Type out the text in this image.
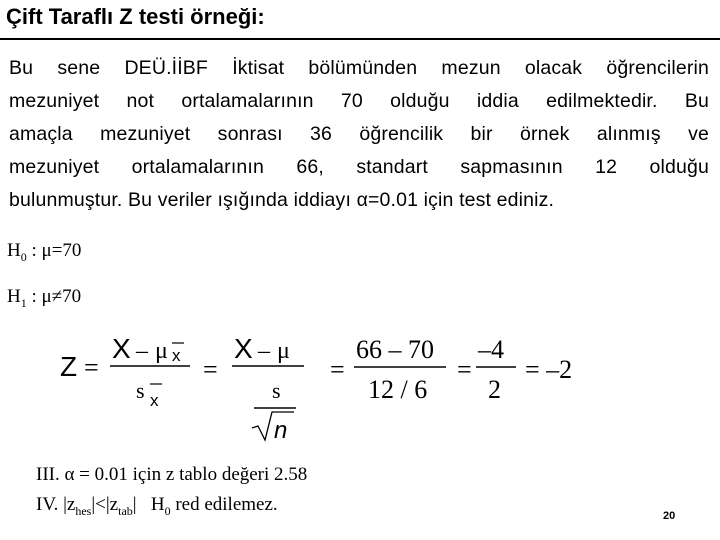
Çift Taraflı Z testi örneği:
Bu sene DEÜ.İİBF İktisat bölümünden mezun olacak öğrencilerin
mezuniyet not ortalamalarının 70 olduğu iddia edilmektedir. Bu
amaçla mezuniyet sonrası 36 öğrencilik bir örnek alınmış ve
mezuniyet ortalamalarının 66, standart sapmasının 12 olduğu
bulunmuştur. Bu veriler ışığında iddiayı α=0.01 için test ediniz.
$H_0$ : μ=70
$H_1$ : μ≠70
Z =
X – μ x
s x
=
X – μ
s
n
=
66 – 70
12 / 6
=
–4
2
= –2
III. α = 0.01 için z tablo değeri 2.58
IV. $|z_{hes}|<|z_{tab}|$   $H_0$ red edilemez.
20
